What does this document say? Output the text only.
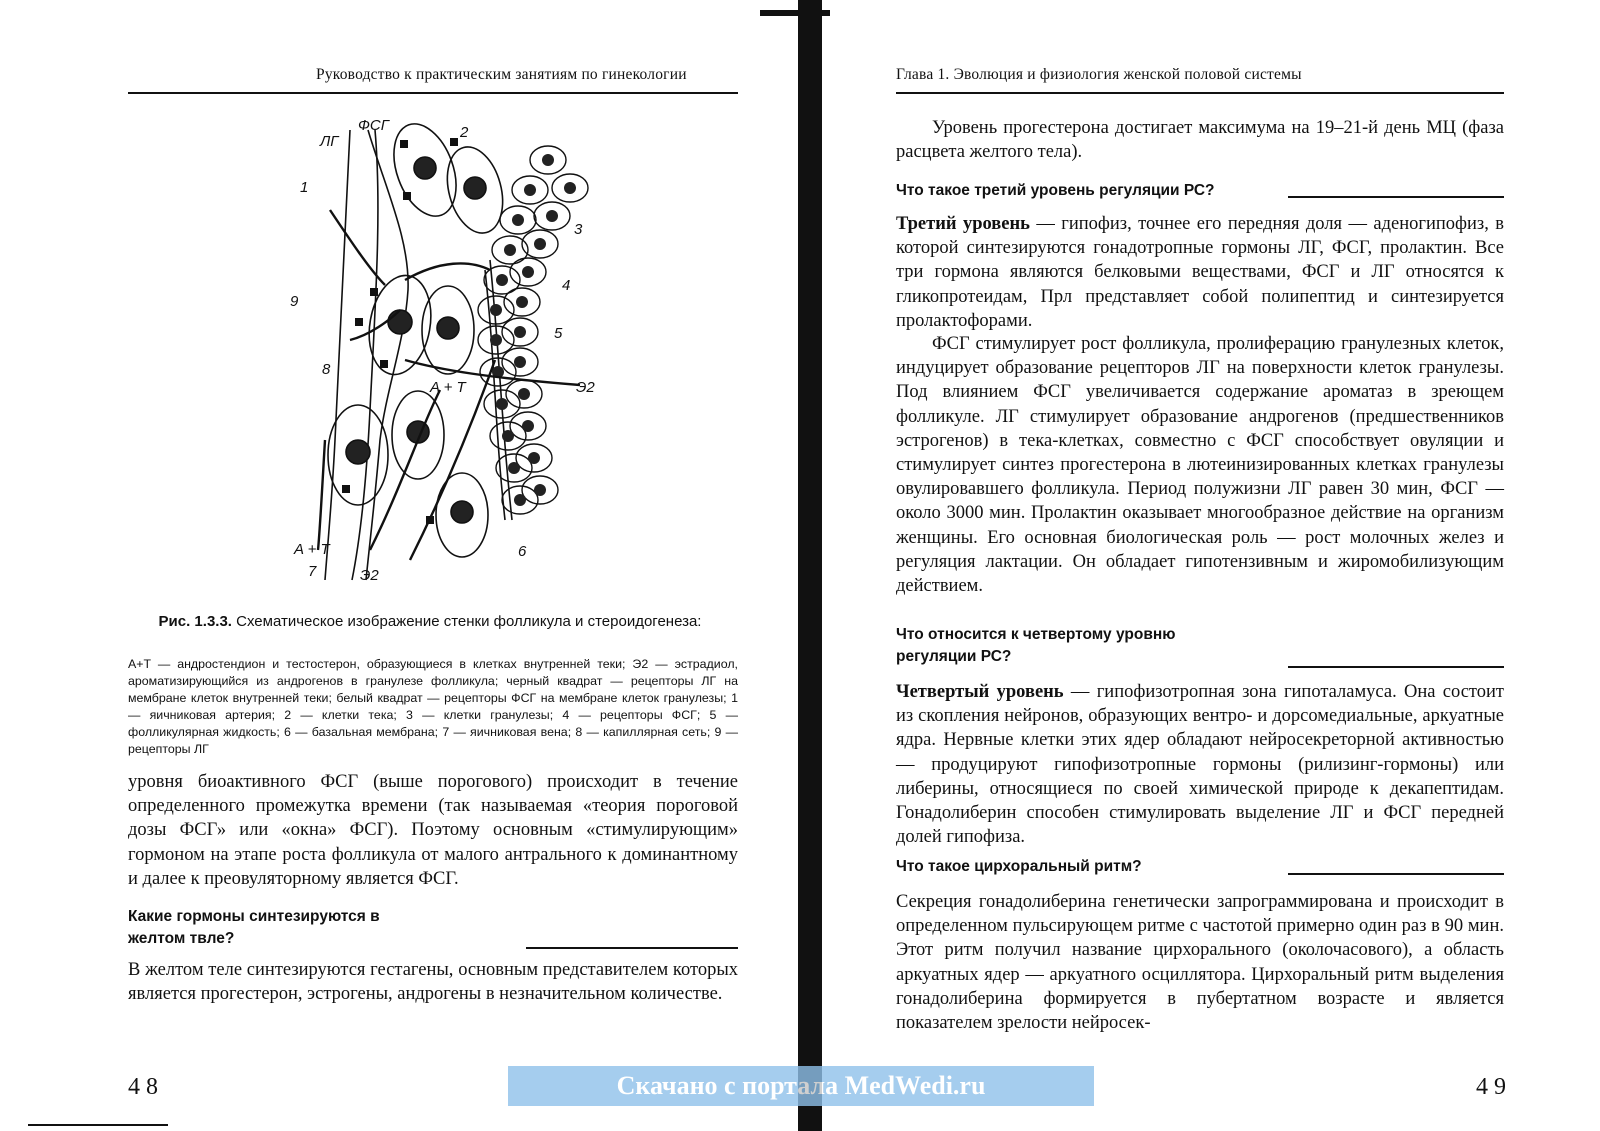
Руководство к практическим занятиям по гинекологии
ЛГ
ФСГ	2
1
3
4
9
5
8
A + T	Э2
A + T	6
7	Э2
Рис. 1.3.3. Схематическое изображение стенки фолликула и стероидогенеза:
A+T — андростендион и тестостерон, образующиеся в клетках внутренней теки; Э2 — эстрадиол, ароматизирующийся из андрогенов в гранулезе фолликула; черный квадрат — рецепторы ЛГ на мембране клеток внутренней теки; белый квадрат — рецепторы ФСГ на мембране клеток гранулезы; 1 — яичниковая артерия; 2 — клетки тека; 3 — клетки гранулезы; 4 — рецепторы ФСГ; 5 — фолликулярная жидкость; 6 — базальная мембрана; 7 — яичниковая вена; 8 — капиллярная сеть; 9 — рецепторы ЛГ
уровня биоактивного ФСГ (выше порогового) происходит в течение определенного промежутка времени (так называемая «теория пороговой дозы ФСГ» или «окна» ФСГ). Поэтому основным «стимулирующим» гормоном на этапе роста фолликула от малого антрального к доминантному и далее к преовуляторному является ФСГ.
Какие гормоны синтезируются в желтом твле?
В желтом теле синтезируются гестагены, основным представителем которых является прогестерон, эстрогены, андрогены в незначительном количестве.
4 8
Глава 1. Эволюция и физиология женской половой системы
Уровень прогестерона достигает максимума на 19–21-й день МЦ (фаза расцвета желтого тела).
Что такое третий уровень регуляции РС?
Третий уровень — гипофиз, точнее его передняя доля — аденогипофиз, в которой синтезируются гонадотропные гормоны ЛГ, ФСГ, пролактин. Все три гормона являются белковыми веществами, ФСГ и ЛГ относятся к гликопротеидам, Прл представляет собой полипептид и синтезируется пролактофорами.
ФСГ стимулирует рост фолликула, пролиферацию гранулезных клеток, индуцирует образование рецепторов ЛГ на поверхности клеток гранулезы. Под влиянием ФСГ увеличивается содержание ароматаз в зреющем фолликуле. ЛГ стимулирует образование андрогенов (предшественников эстрогенов) в тека-клетках, совместно с ФСГ способствует овуляции и стимулирует синтез прогестерона в лютеинизированных клетках гранулезы овулировавшего фолликула. Период полужизни ЛГ равен 30 мин, ФСГ — около 3000 мин. Пролактин оказывает многообразное действие на организм женщины. Его основная биологическая роль — рост молочных желез и регуляция лактации. Он обладает гипотензивным и жиромобилизующим действием.
Что относится к четвертому уровню регуляции РС?
Четвертый уровень — гипофизотропная зона гипоталамуса. Она состоит из скопления нейронов, образующих вентро- и дорсомедиальные, аркуатные ядра. Нервные клетки этих ядер обладают нейросекреторной активностью — продуцируют гипофизотропные гормоны (рилизинг-гормоны) или либерины, относящиеся по своей химической природе к декапептидам. Гонадолиберин способен стимулировать выделение ЛГ и ФСГ передней долей гипофиза.
Что такое цирхоральный ритм?
Секреция гонадолиберина генетически запрограммирована и происходит в определенном пульсирующем ритме с частотой примерно один раз в 90 мин. Этот ритм получил название цирхорального (околочасового), а область аркуатных ядер — аркуатного осциллятора. Цирхоральный ритм выделения гонадолиберина формируется в пубертатном возрасте и является показателем зрелости нейросек-
4 9
Скачано с портала MedWedi.ru
